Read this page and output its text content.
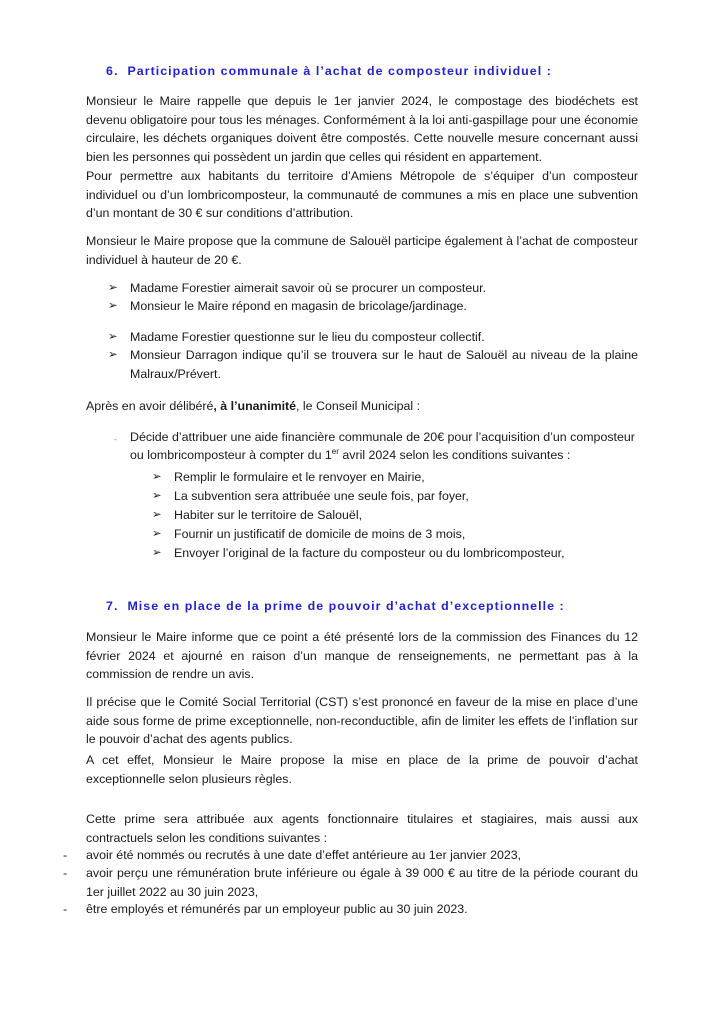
6. Participation communale à l’achat de composteur individuel :
Monsieur le Maire rappelle que depuis le 1er janvier 2024, le compostage des biodéchets est devenu obligatoire pour tous les ménages. Conformément à la loi anti-gaspillage pour une économie circulaire, les déchets organiques doivent être compostés. Cette nouvelle mesure concernant aussi bien les personnes qui possèdent un jardin que celles qui résident en appartement.
Pour permettre aux habitants du territoire d’Amiens Métropole de s’équiper d’un composteur individuel ou d’un lombricomposteur, la communauté de communes a mis en place une subvention d’un montant de 30 € sur conditions d’attribution.
Monsieur le Maire propose que la commune de Salouël participe également à l’achat de composteur individuel à hauteur de 20 €.
➢ Madame Forestier aimerait savoir où se procurer un composteur.
➢ Monsieur le Maire répond en magasin de bricolage/jardinage.
➢ Madame Forestier questionne sur le lieu du composteur collectif.
➢ Monsieur Darragon indique qu’il se trouvera sur le haut de Salouël au niveau de la plaine Malraux/Prévert.
Après en avoir délibéré, à l’unanimité, le Conseil Municipal :
- Décide d’attribuer une aide financière communale de 20€ pour l’acquisition d’un composteur
ou lombricomposteur à compter du 1er avril 2024 selon les conditions suivantes :
➢ Remplir le formulaire et le renvoyer en Mairie,
➢ La subvention sera attribuée une seule fois, par foyer,
➢ Habiter sur le territoire de Salouël,
➢ Fournir un justificatif de domicile de moins de 3 mois,
➢ Envoyer l’original de la facture du composteur ou du lombricomposteur,
7. Mise en place de la prime de pouvoir d’achat d’exceptionnelle :
Monsieur le Maire informe que ce point a été présenté lors de la commission des Finances du 12 février 2024 et ajourné en raison d’un manque de renseignements, ne permettant pas à la commission de rendre un avis.
Il précise que le Comité Social Territorial (CST) s’est prononcé en faveur de la mise en place d’une aide sous forme de prime exceptionnelle, non-reconductible, afin de limiter les effets de l’inflation sur le pouvoir d’achat des agents publics.
A cet effet, Monsieur le Maire propose la mise en place de la prime de pouvoir d’achat exceptionnelle selon plusieurs règles.
Cette prime sera attribuée aux agents fonctionnaire titulaires et stagiaires, mais aussi aux contractuels selon les conditions suivantes :
- avoir été nommés ou recrutés à une date d’effet antérieure au 1er janvier 2023,
- avoir perçu une rémunération brute inférieure ou égale à 39 000 € au titre de la période courant du 1er juillet 2022 au 30 juin 2023,
- être employés et rémunérés par un employeur public au 30 juin 2023.
